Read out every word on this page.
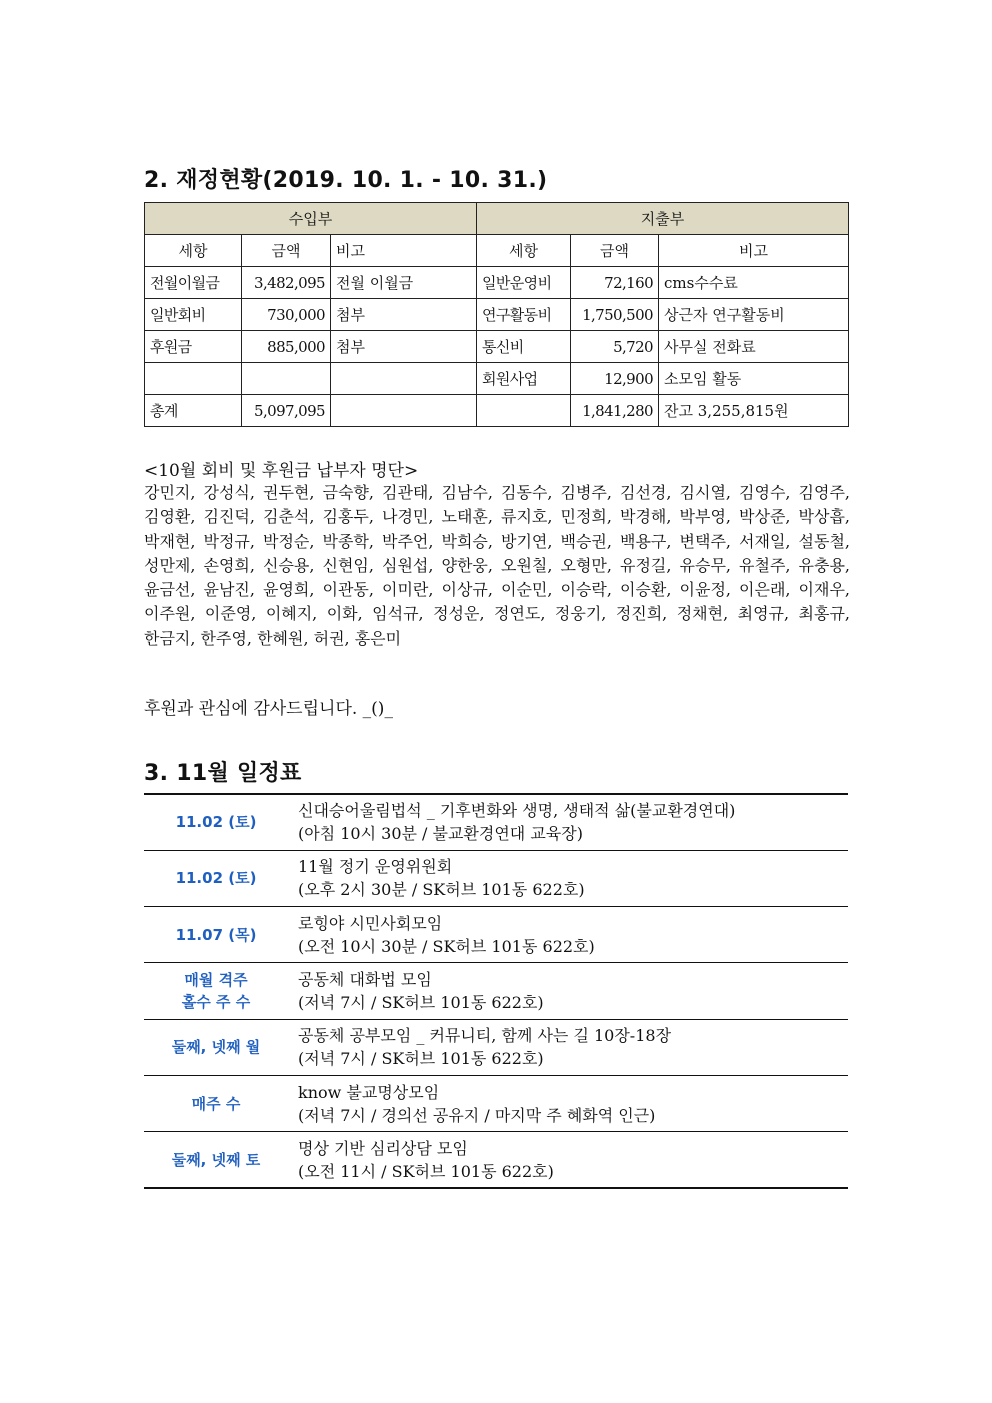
2. 재정현황(2019. 10. 1. - 10. 31.)
수입부			지출부		
세항	금액	비고	세항	금액	비고
전월이월금	3,482,095	전월 이월금	일반운영비	72,160	cms수수료
일반회비	730,000	첨부	연구활동비	1,750,500	상근자 연구활동비
후원금	885,000	첨부	통신비	5,720	사무실 전화료
			회원사업	12,900	소모임 활동
총계	5,097,095			1,841,280	잔고 3,255,815원

<10월 회비 및 후원금 납부자 명단>

강민지, 강성식, 권두현, 금숙향, 김관태, 김남수, 김동수, 김병주, 김선경, 김시열, 김영수, 김영주, 김영환, 김진덕, 김춘석, 김홍두, 나경민, 노태훈, 류지호, 민정희, 박경해, 박부영, 박상준, 박상흡, 박재현, 박정규, 박정순, 박종학, 박주언, 박희승, 방기연, 백승권, 백용구, 변택주, 서재일, 설동철, 성만제, 손영희, 신승용, 신현임, 심원섭, 양한웅, 오원칠, 오형만, 유정길, 유승무, 유철주, 유충용, 윤금선, 윤남진, 윤영희, 이관동, 이미란, 이상규, 이순민, 이승락, 이승환, 이윤정, 이은래, 이재우, 이주원, 이준영, 이혜지, 이화, 임석규, 정성운, 정연도, 정웅기, 정진희, 정채현, 최영규, 최홍규, 한금지, 한주영, 한혜원, 허권, 홍은미

후원과 관심에 감사드립니다. _()_

3. 11월 일정표
11.02 (토)	신대승어울림법석 _ 기후변화와 생명, 생태적 삶(불교환경연대)
(아침 10시 30분 / 불교환경연대 교육장)

11.02 (토)	11월 정기 운영위원회
(오후 2시 30분 / SK허브 101동 622호)

11.07 (목)	로힝야 시민사회모임
(오전 10시 30분 / SK허브 101동 622호)

매월 격주
홀수 주 수	공동체 대화법 모임
(저녁 7시 / SK허브 101동 622호)

둘째, 넷째 월	공동체 공부모임 _ 커뮤니티, 함께 사는 길 10장-18장
(저녁 7시 / SK허브 101동 622호)

매주 수	know 불교명상모임
(저녁 7시 / 경의선 공유지 / 마지막 주 혜화역 인근)

둘째, 넷째 토	명상 기반 심리상담 모임
(오전 11시 / SK허브 101동 622호)
